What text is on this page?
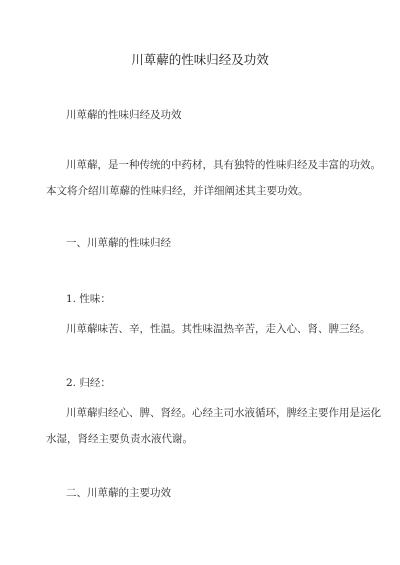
川萆薢的性味归经及功效
川萆薢的性味归经及功效
川萆薢，是一种传统的中药材，具有独特的性味归经及丰富的功效。
本文将介绍川萆薢的性味归经，并详细阐述其主要功效。
一、川萆薢的性味归经
1. 性味：
川萆薢味苦、辛，性温。其性味温热辛苦，走入心、肾、脾三经。
2. 归经：
川萆薢归经心、脾、肾经。心经主司水液循环，脾经主要作用是运化
水湿，肾经主要负责水液代谢。
二、川萆薢的主要功效
